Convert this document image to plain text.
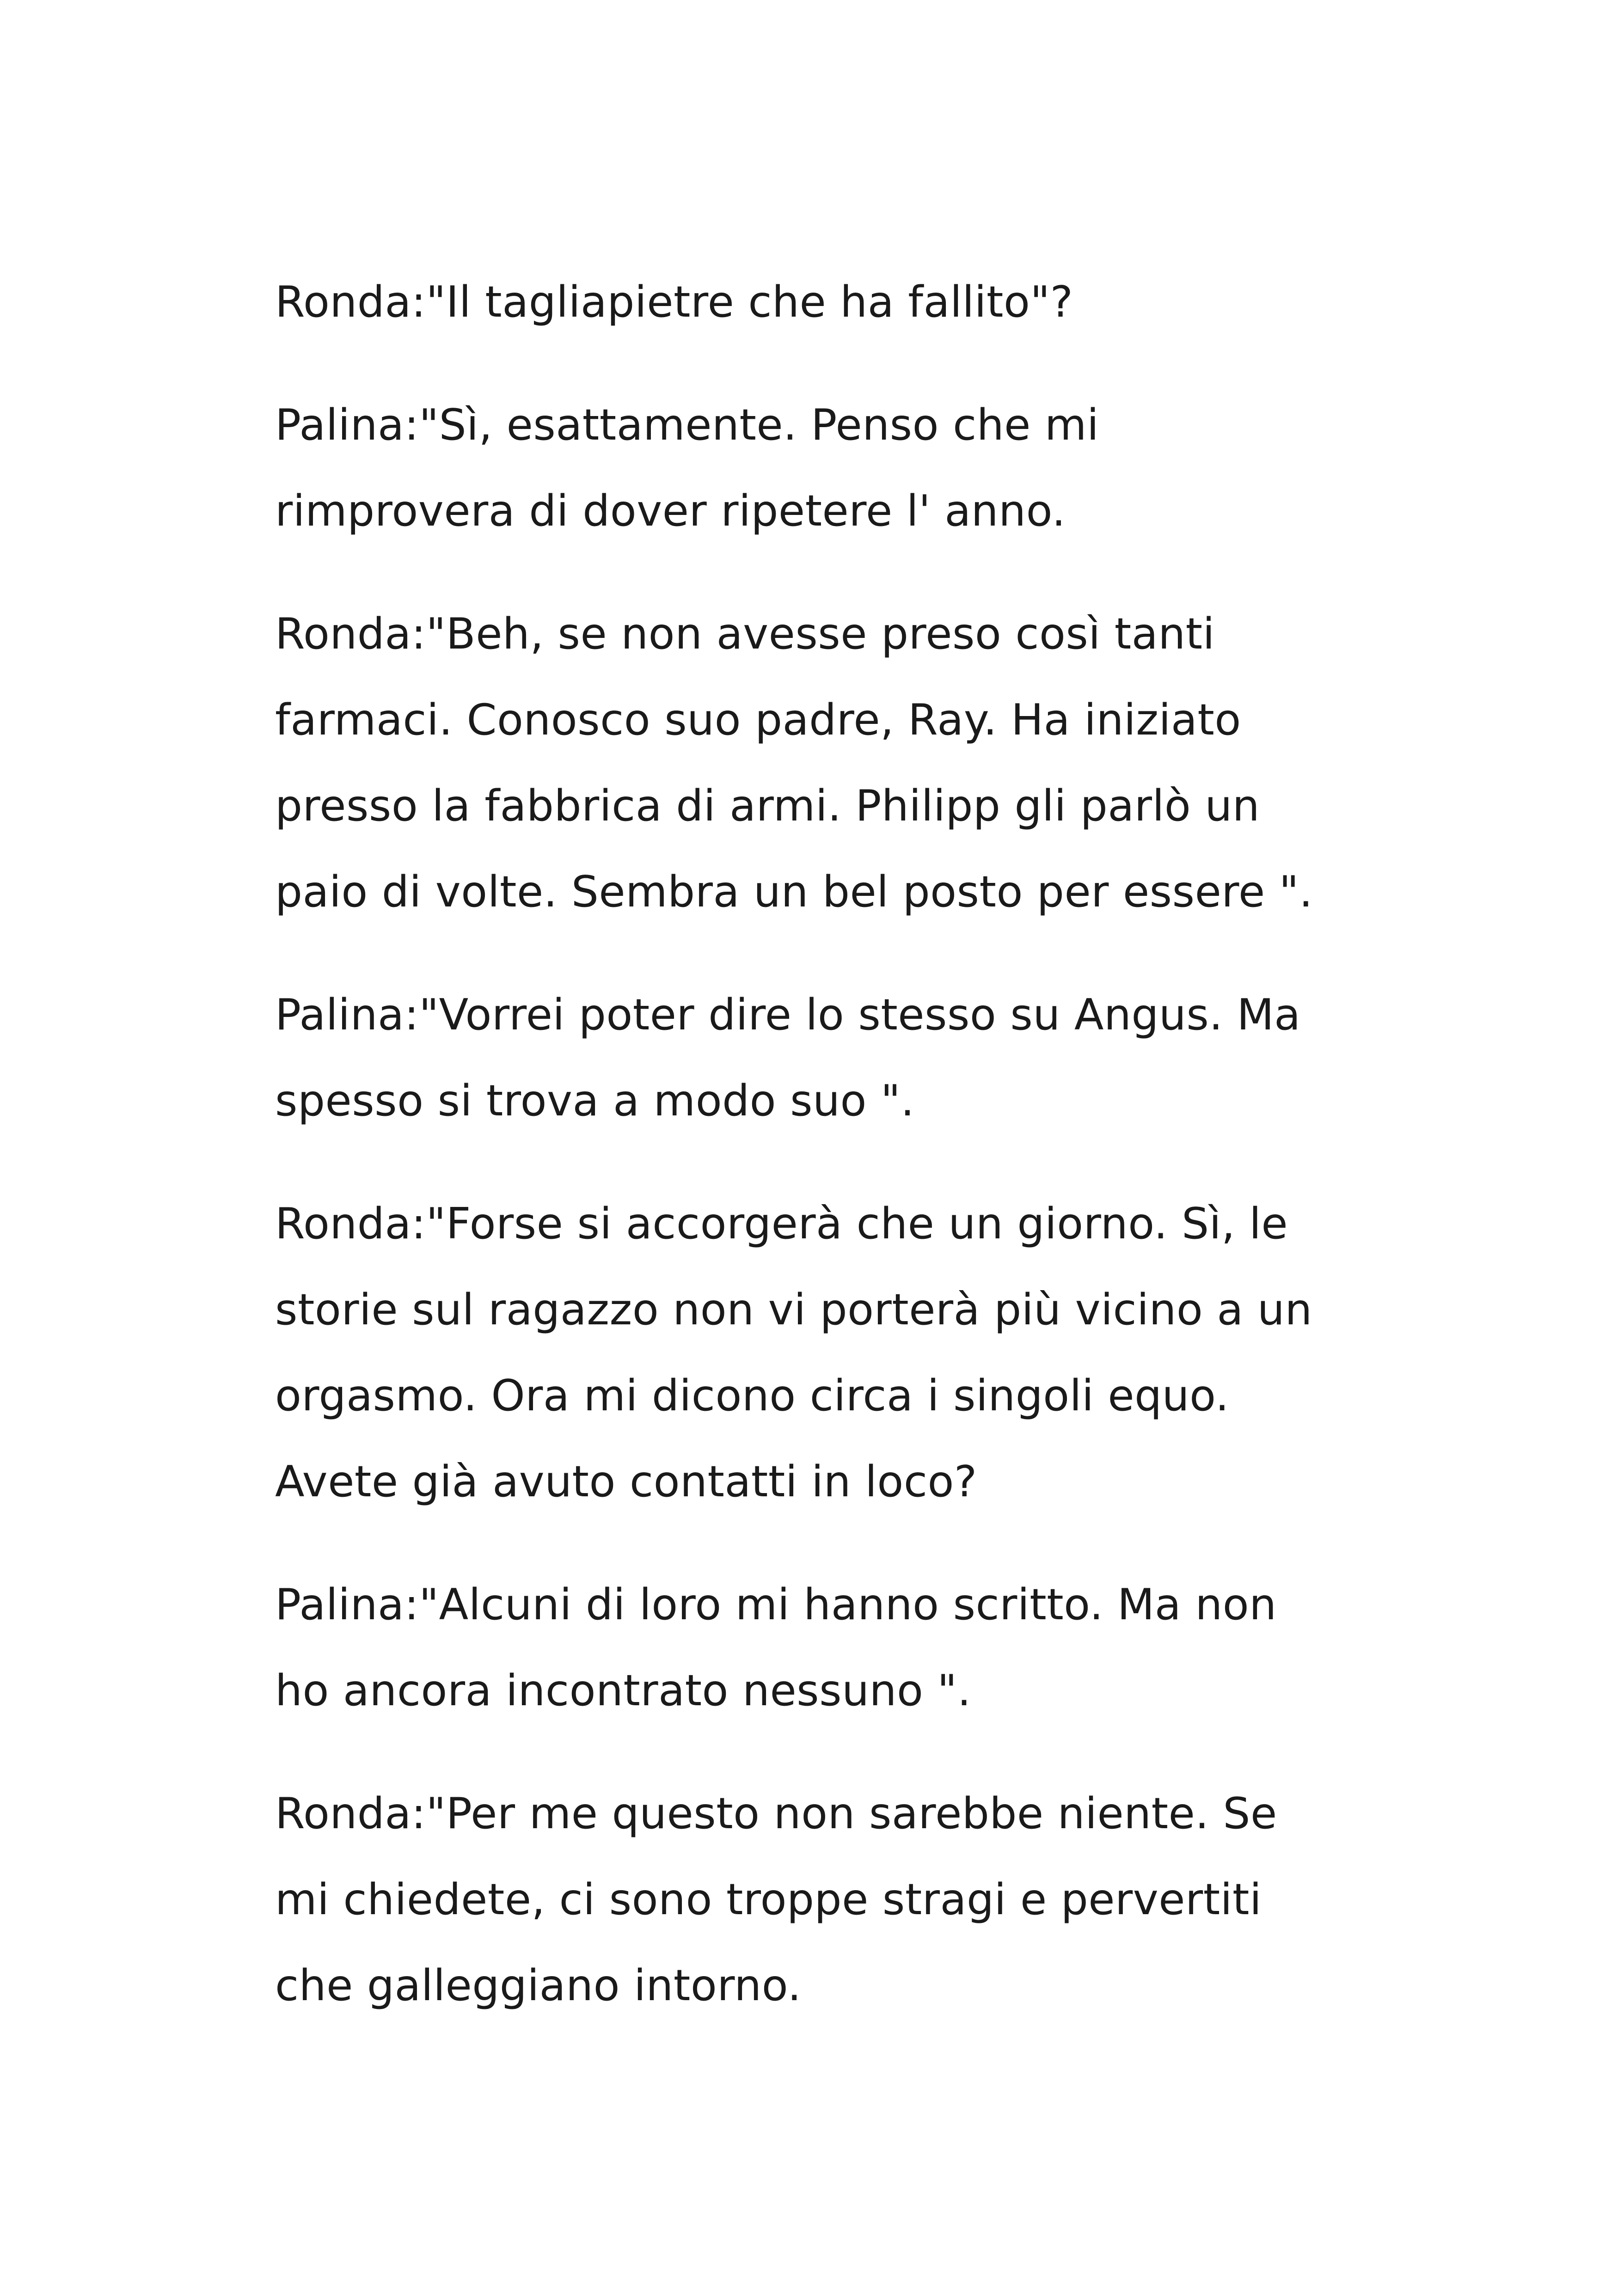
Ronda:"Il tagliapietre che ha fallito"?

Palina:"Sì, esattamente. Penso che mi
rimprovera di dover ripetere l' anno.

Ronda:"Beh, se non avesse preso così tanti
farmaci. Conosco suo padre, Ray. Ha iniziato
presso la fabbrica di armi. Philipp gli parlò un
paio di volte. Sembra un bel posto per essere ".

Palina:"Vorrei poter dire lo stesso su Angus. Ma
spesso si trova a modo suo ".

Ronda:"Forse si accorgerà che un giorno. Sì, le
storie sul ragazzo non vi porterà più vicino a un
orgasmo. Ora mi dicono circa i singoli equo.
Avete già avuto contatti in loco?

Palina:"Alcuni di loro mi hanno scritto. Ma non
ho ancora incontrato nessuno ".

Ronda:"Per me questo non sarebbe niente. Se
mi chiedete, ci sono troppe stragi e pervertiti
che galleggiano intorno.
